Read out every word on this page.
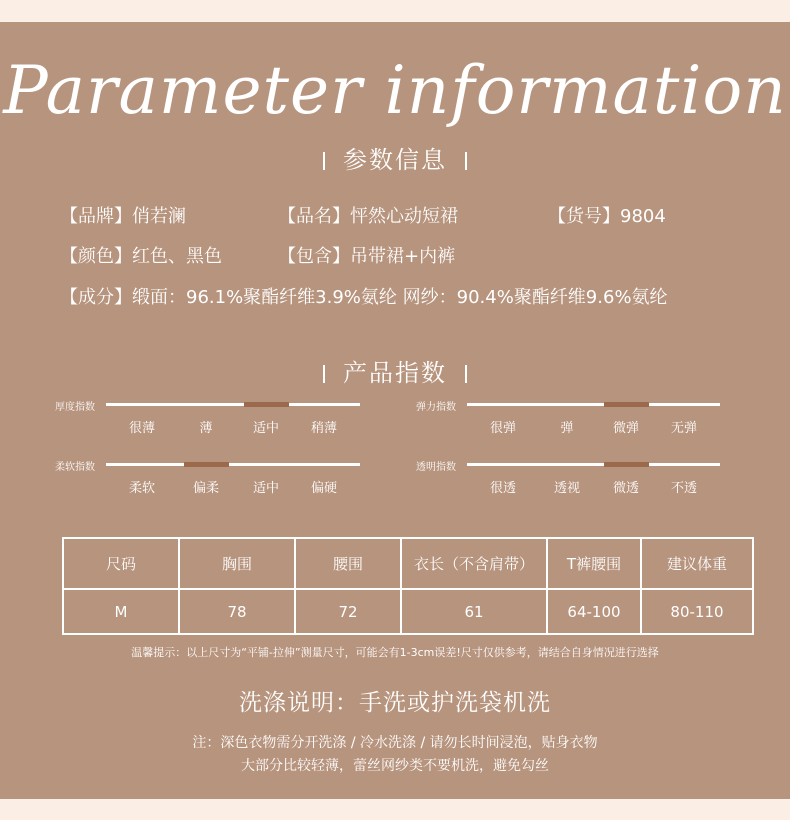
Parameter information
参数信息
【品牌】俏若澜	【品名】怦然心动短裙	【货号】9804
【颜色】红色、黑色	【包含】吊带裙+内裤
【成分】缎面：96.1%聚酯纤维3.9%氨纶 网纱：90.4%聚酯纤维9.6%氨纶
产品指数
厚度指数
很薄	薄	适中	稍薄
弹力指数
很弹	弹	微弹	无弹
柔软指数
柔软	偏柔	适中	偏硬
透明指数
很透	透视	微透	不透
尺码	胸围	腰围	衣长（不含肩带）	T裤腰围	建议体重
M	78	72	61	64-100	80-110
温馨提示：以上尺寸为“平铺-拉伸”测量尺寸，可能会有1-3cm误差!尺寸仅供参考，请结合自身情况进行选择
洗涤说明：手洗或护洗袋机洗
注：深色衣物需分开洗涤 / 冷水洗涤 / 请勿长时间浸泡，贴身衣物
大部分比较轻薄，蕾丝网纱类不要机洗，避免勾丝
